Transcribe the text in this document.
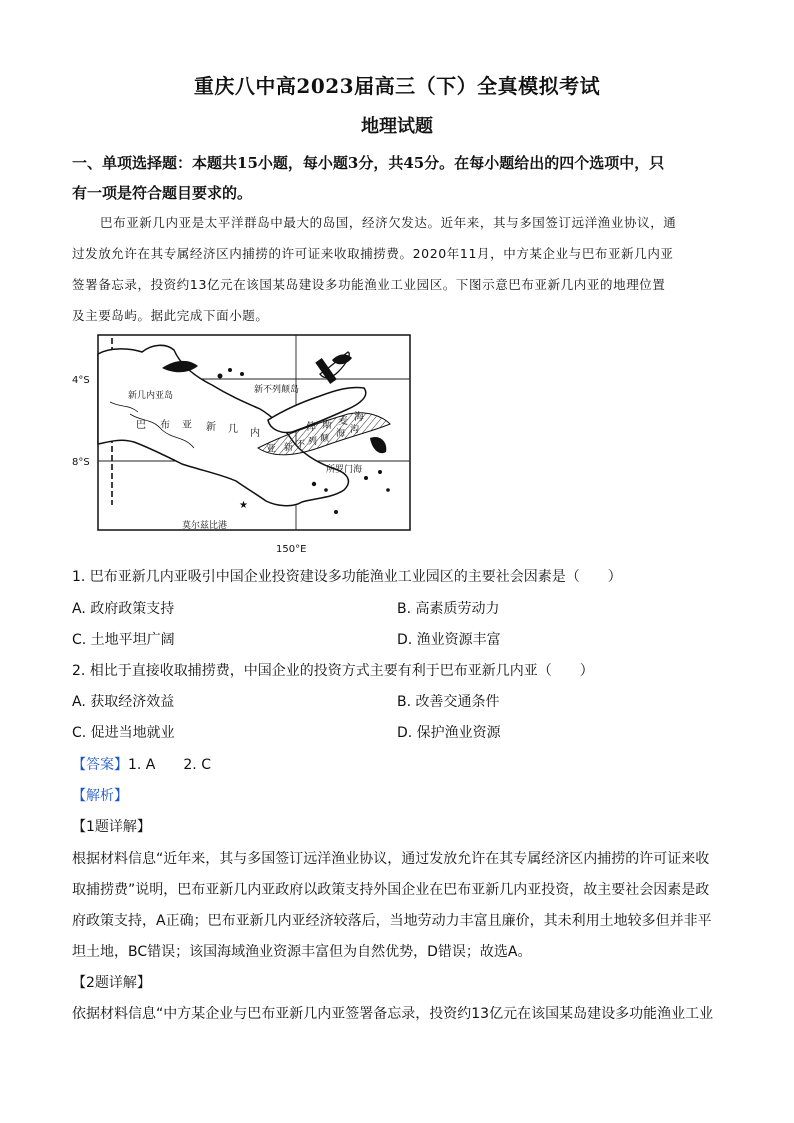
重庆八中高2023届高三（下）全真模拟考试
地理试题
一、单项选择题：本题共15小题，每小题3分，共45分。在每小题给出的四个选项中，只
有一项是符合题目要求的。
巴布亚新几内亚是太平洋群岛中最大的岛国，经济欠发达。近年来，其与多国签订远洋渔业协议，通
过发放允许在其专属经济区内捕捞的许可证来收取捕捞费。2020年11月，中方某企业与巴布亚新几内亚
签署备忘录，投资约13亿元在该国某岛建设多功能渔业工业园区。下图示意巴布亚新几内亚的地理位置
及主要岛屿。据此完成下面小题。
★
4°S
8°S
150°E
新几内亚岛
巴 布 亚 新 几 内
亚
新不列颠岛
俾 斯 麦 海
新 不 列 颠 海 沟
所罗门海
莫尔兹比港
1. 巴布亚新几内亚吸引中国企业投资建设多功能渔业工业园区的主要社会因素是（　　）
A. 政府政策支持	B. 高素质劳动力
C. 土地平坦广阔	D. 渔业资源丰富
2. 相比于直接收取捕捞费，中国企业的投资方式主要有利于巴布亚新几内亚（　　）
A. 获取经济效益	B. 改善交通条件
C. 促进当地就业	D. 保护渔业资源
【答案】1. A　　2. C
【解析】
【1题详解】
根据材料信息“近年来，其与多国签订远洋渔业协议，通过发放允许在其专属经济区内捕捞的许可证来收
取捕捞费”说明，巴布亚新几内亚政府以政策支持外国企业在巴布亚新几内亚投资，故主要社会因素是政
府政策支持，A正确；巴布亚新几内亚经济较落后，当地劳动力丰富且廉价，其未利用土地较多但并非平
坦土地，BC错误；该国海域渔业资源丰富但为自然优势，D错误；故选A。
【2题详解】
依据材料信息“中方某企业与巴布亚新几内亚签署备忘录，投资约13亿元在该国某岛建设多功能渔业工业
